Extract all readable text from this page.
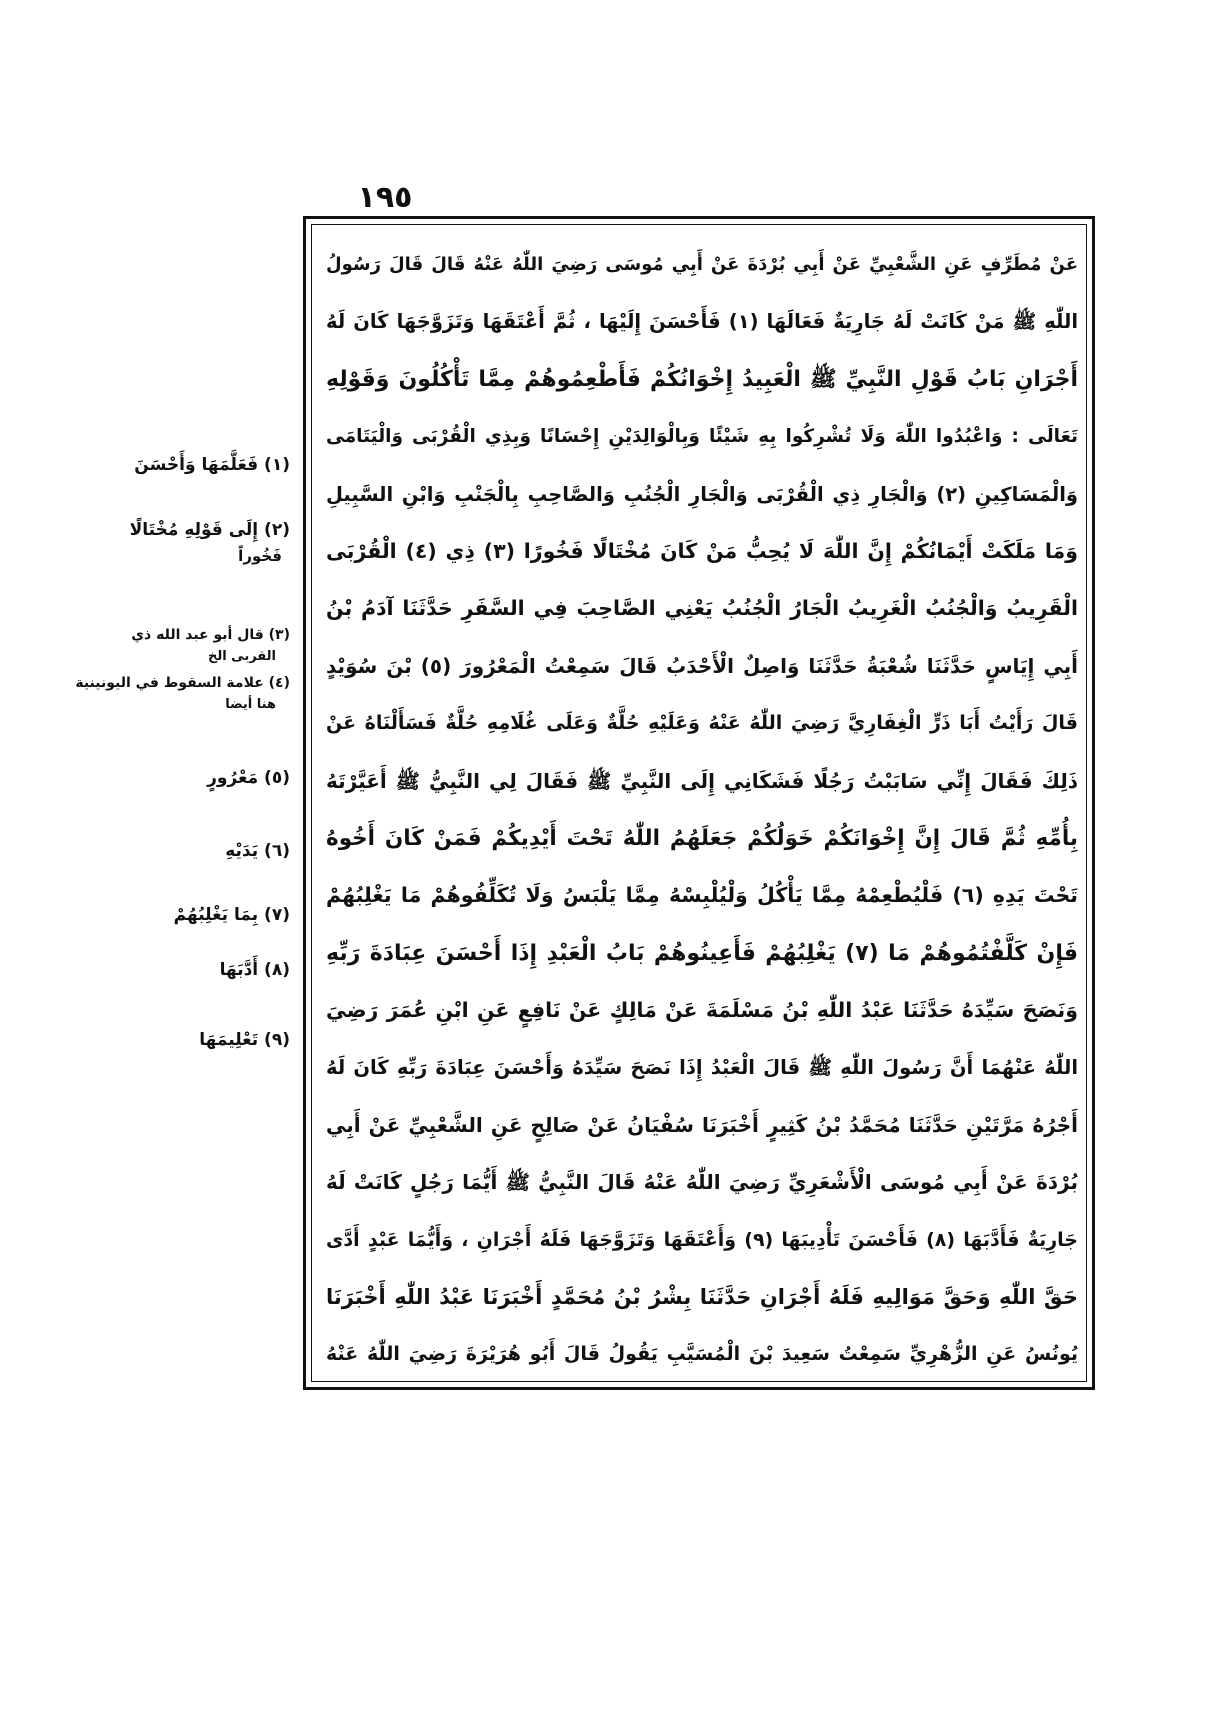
١٩٥
عَنْ مُطَرِّفٍ عَنِ الشَّعْبِيِّ عَنْ أَبِي بُرْدَةَ عَنْ أَبِي مُوسَى رَضِيَ اللّٰهُ عَنْهُ قَالَ قَالَ رَسُولُ
اللّٰهِ ﷺ مَنْ كَانَتْ لَهُ جَارِيَةٌ فَعَالَهَا (١) فَأَحْسَنَ إِلَيْهَا ، ثُمَّ أَعْتَقَهَا وَتَزَوَّجَهَا كَانَ لَهُ
أَجْرَانِ بَابُ قَوْلِ النَّبِيِّ ﷺ الْعَبِيدُ إِخْوَانُكُمْ فَأَطْعِمُوهُمْ مِمَّا تَأْكُلُونَ وَقَوْلِهِ
تَعَالَى : وَاعْبُدُوا اللّٰهَ وَلَا تُشْرِكُوا بِهِ شَيْئًا وَبِالْوَالِدَيْنِ إِحْسَانًا وَبِذِي الْقُرْبَى وَالْيَتَامَى
وَالْمَسَاكِينِ (٢) وَالْجَارِ ذِي الْقُرْبَى وَالْجَارِ الْجُنُبِ وَالصَّاحِبِ بِالْجَنْبِ وَابْنِ السَّبِيلِ
وَمَا مَلَكَتْ أَيْمَانُكُمْ إِنَّ اللّٰهَ لَا يُحِبُّ مَنْ كَانَ مُخْتَالًا فَخُورًا (٣) ذِي (٤) الْقُرْبَى
الْقَرِيبُ وَالْجُنُبُ الْغَرِيبُ الْجَارُ الْجُنُبُ يَعْنِي الصَّاحِبَ فِي السَّفَرِ حَدَّثَنَا آدَمُ بْنُ
أَبِي إِيَاسٍ حَدَّثَنَا شُعْبَةُ حَدَّثَنَا وَاصِلٌ الْأَحْدَبُ قَالَ سَمِعْتُ الْمَعْرُورَ (٥) بْنَ سُوَيْدٍ
قَالَ رَأَيْتُ أَبَا ذَرٍّ الْغِفَارِيَّ رَضِيَ اللّٰهُ عَنْهُ وَعَلَيْهِ حُلَّةٌ وَعَلَى غُلَامِهِ حُلَّةٌ فَسَأَلْنَاهُ عَنْ
ذَلِكَ فَقَالَ إِنِّي سَابَبْتُ رَجُلًا فَشَكَانِي إِلَى النَّبِيِّ ﷺ فَقَالَ لِي النَّبِيُّ ﷺ أَعَيَّرْتَهُ
بِأُمِّهِ ثُمَّ قَالَ إِنَّ إِخْوَانَكُمْ خَوَلُكُمْ جَعَلَهُمُ اللّٰهُ تَحْتَ أَيْدِيكُمْ فَمَنْ كَانَ أَخُوهُ
تَحْتَ يَدِهِ (٦) فَلْيُطْعِمْهُ مِمَّا يَأْكُلُ وَلْيُلْبِسْهُ مِمَّا يَلْبَسُ وَلَا تُكَلِّفُوهُمْ مَا يَغْلِبُهُمْ
فَإِنْ كَلَّفْتُمُوهُمْ مَا (٧) يَغْلِبُهُمْ فَأَعِينُوهُمْ بَابُ الْعَبْدِ إِذَا أَحْسَنَ عِبَادَةَ رَبِّهِ
وَنَصَحَ سَيِّدَهُ حَدَّثَنَا عَبْدُ اللّٰهِ بْنُ مَسْلَمَةَ عَنْ مَالِكٍ عَنْ نَافِعٍ عَنِ ابْنِ عُمَرَ رَضِيَ
اللّٰهُ عَنْهُمَا أَنَّ رَسُولَ اللّٰهِ ﷺ قَالَ الْعَبْدُ إِذَا نَصَحَ سَيِّدَهُ وَأَحْسَنَ عِبَادَةَ رَبِّهِ كَانَ لَهُ
أَجْرُهُ مَرَّتَيْنِ حَدَّثَنَا مُحَمَّدُ بْنُ كَثِيرٍ أَخْبَرَنَا سُفْيَانُ عَنْ صَالِحٍ عَنِ الشَّعْبِيِّ عَنْ أَبِي
بُرْدَةَ عَنْ أَبِي مُوسَى الْأَشْعَرِيِّ رَضِيَ اللّٰهُ عَنْهُ قَالَ النَّبِيُّ ﷺ أَيُّمَا رَجُلٍ كَانَتْ لَهُ
جَارِيَةٌ فَأَدَّبَهَا (٨) فَأَحْسَنَ تَأْدِيبَهَا (٩) وَأَعْتَقَهَا وَتَزَوَّجَهَا فَلَهُ أَجْرَانِ ، وَأَيُّمَا عَبْدٍ أَدَّى
حَقَّ اللّٰهِ وَحَقَّ مَوَالِيهِ فَلَهُ أَجْرَانِ حَدَّثَنَا بِشْرُ بْنُ مُحَمَّدٍ أَخْبَرَنَا عَبْدُ اللّٰهِ أَخْبَرَنَا
يُونُسُ عَنِ الزُّهْرِيِّ سَمِعْتُ سَعِيدَ بْنَ الْمُسَيَّبِ يَقُولُ قَالَ أَبُو هُرَيْرَةَ رَضِيَ اللّٰهُ عَنْهُ
(١) فَعَلَّمَهَا وَأَحْسَنَ
(٢) إِلَى قَوْلِهِ مُخْتَالًا
فَخُوراً
(٣) قال أبو عبد الله ذي
القربى الخ
(٤) علامة السقوط في اليونينية
هنا أيضا
(٥) مَعْرُورٍ
(٦) يَدَيْهِ
(٧) بِمَا يَغْلِبُهُمْ
(٨) أَدَّبَهَا
(٩) تَعْلِيمَهَا
